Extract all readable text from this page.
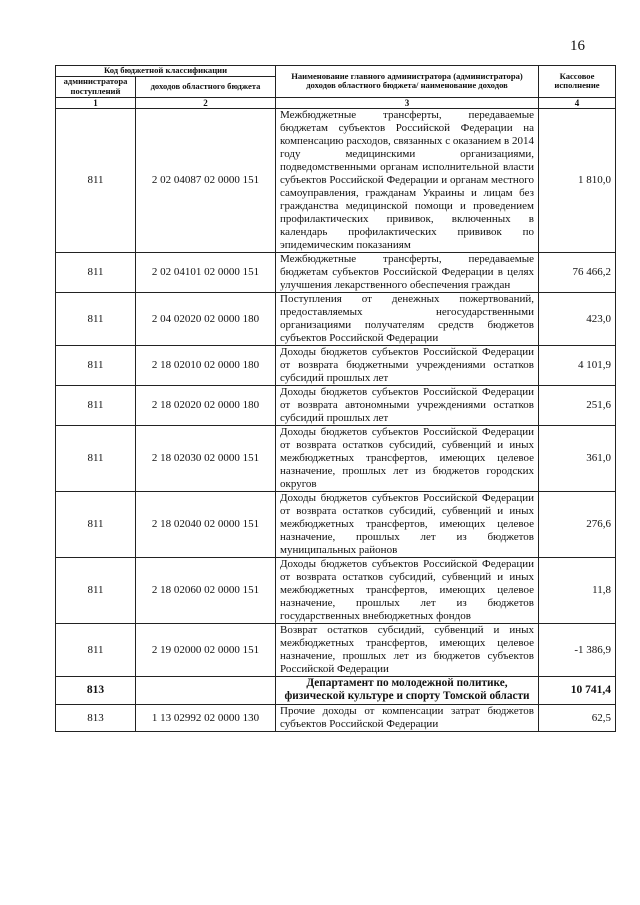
16
Код бюджетной классификации		Наименование главного администратора (администратора) доходов областного бюджета/ наименование доходов	Кассовое исполнение
администратора поступлений	доходов областного бюджета		
1	2	3	4
811	2 02 04087 02 0000 151	Межбюджетные трансферты, передаваемые бюджетам субъектов Российской Федерации на компенсацию расходов, связанных с оказанием в 2014 году медицинскими организациями, подведомственными органам исполнительной власти субъектов Российской Федерации и органам местного самоуправления, гражданам Украины и лицам без гражданства медицинской помощи и проведением профилактических прививок, включенных в календарь профилактических прививок по эпидемическим показаниям	1 810,0
811	2 02 04101 02 0000 151	Межбюджетные трансферты, передаваемые бюджетам субъектов Российской Федерации в целях улучшения лекарственного обеспечения граждан	76 466,2
811	2 04 02020 02 0000 180	Поступления от денежных пожертвований, предоставляемых негосударственными организациями получателям средств бюджетов субъектов Российской Федерации	423,0
811	2 18 02010 02 0000 180	Доходы бюджетов субъектов Российской Федерации от возврата бюджетными учреждениями остатков субсидий прошлых лет	4 101,9
811	2 18 02020 02 0000 180	Доходы бюджетов субъектов Российской Федерации от возврата автономными учреждениями остатков субсидий прошлых лет	251,6
811	2 18 02030 02 0000 151	Доходы бюджетов субъектов Российской Федерации от возврата остатков субсидий, субвенций и иных межбюджетных трансфертов, имеющих целевое назначение, прошлых лет из бюджетов городских округов	361,0
811	2 18 02040 02 0000 151	Доходы бюджетов субъектов Российской Федерации от возврата остатков субсидий, субвенций и иных межбюджетных трансфертов, имеющих целевое назначение, прошлых лет из бюджетов муниципальных районов	276,6
811	2 18 02060 02 0000 151	Доходы бюджетов субъектов Российской Федерации от возврата остатков субсидий, субвенций и иных межбюджетных трансфертов, имеющих целевое назначение, прошлых лет из бюджетов государственных внебюджетных фондов	11,8
811	2 19 02000 02 0000 151	Возврат остатков субсидий, субвенций и иных межбюджетных трансфертов, имеющих целевое назначение, прошлых лет из бюджетов субъектов Российской Федерации	-1 386,9
813		Департамент по молодежной политике, физической культуре и спорту Томской области	10 741,4
813	1 13 02992 02 0000 130	Прочие доходы от компенсации затрат бюджетов субъектов Российской Федерации	62,5
